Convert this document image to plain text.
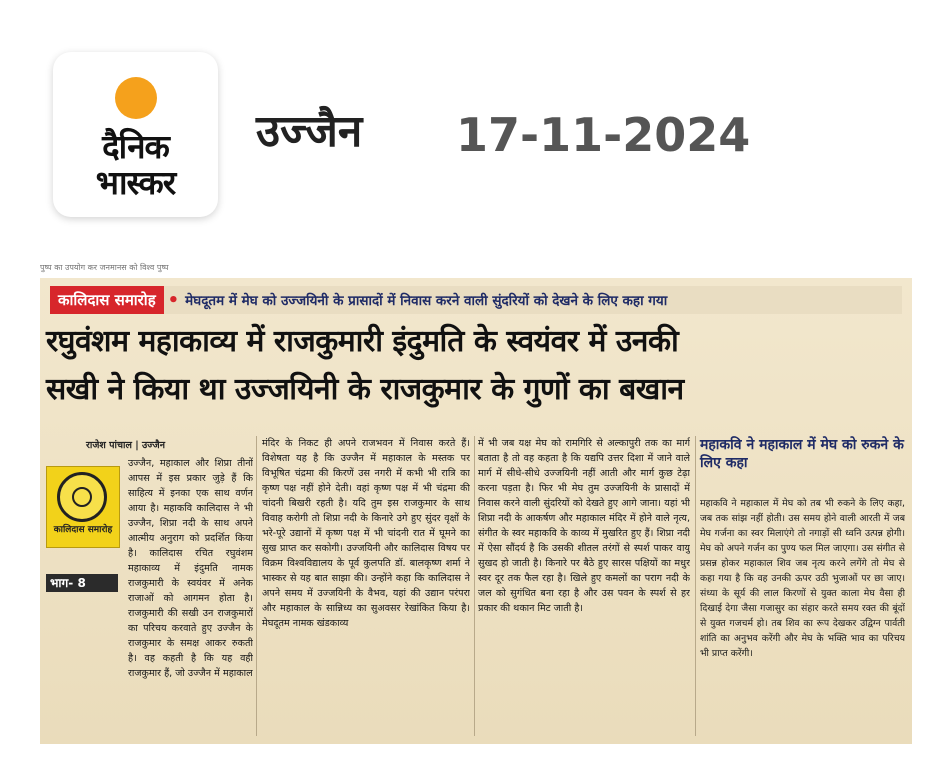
दैनिक
भास्कर
उज्जैन 17-11-2024
पुष्प का उपयोग कर जनमानस को विश्व पुष्प
कालिदास समारोह • मेघदूतम में मेघ को उज्जयिनी के प्रासादों में निवास करने वाली सुंदरियों को देखने के लिए कहा गया
रघुवंशम महाकाव्य में राजकुमारी इंदुमति के स्वयंवर में उनकी
सखी ने किया था उज्जयिनी के राजकुमार के गुणों का बखान
राजेश पांचाल | उज्जैन
कालिदास समारोह
भाग- 8

उज्जैन, महाकाल और शिप्रा तीनों आपस में इस प्रकार जुड़े हैं कि साहित्य में इनका एक साथ वर्णन आया है। महाकवि कालिदास ने भी उज्जैन, शिप्रा नदी के साथ अपने आत्मीय अनुराग को प्रदर्शित किया है। कालिदास रचित रघुवंशम महाकाव्य में इंदुमति नामक राजकुमारी के स्वयंवर में अनेक राजाओं को आगमन होता है। राजकुमारी की सखी उन राजकुमारों का परिचय करवाते हुए उज्जैन के राजकुमार के समक्ष आकर रुकती है। वह कहती है कि यह वही राजकुमार हैं, जो उज्जैन में महाकाल

मंदिर के निकट ही अपने राजभवन में निवास करते हैं। विशेषता यह है कि उज्जैन में महाकाल के मस्तक पर विभूषित चंद्रमा की किरणें उस नगरी में कभी भी रात्रि का कृष्ण पक्ष नहीं होने देती। वहां कृष्ण पक्ष में भी चंद्रमा की चांदनी बिखरी रहती है। यदि तुम इस राजकुमार के साथ विवाह करोगी तो शिप्रा नदी के किनारे उगे हुए सुंदर वृक्षों के भरे-पूरे उद्यानों में कृष्ण पक्ष में भी चांदनी रात में घूमने का सुख प्राप्त कर सकोगी। उज्जयिनी और कालिदास विषय पर विक्रम विश्वविद्यालय के पूर्व कुलपति डॉ. बालकृष्ण शर्मा ने भास्कर से यह बात साझा की। उन्होंने कहा कि कालिदास ने अपने समय में उज्जयिनी के वैभव, यहां की उद्यान परंपरा और महाकाल के सान्निध्य का सुअवसर रेखांकित किया है। मेघदूतम नामक खंडकाव्य

में भी जब यक्ष मेघ को रामगिरि से अल्कापुरी तक का मार्ग बताता है तो वह कहता है कि यद्यपि उत्तर दिशा में जाने वाले मार्ग में सीधे-सीधे उज्जयिनी नहीं आती और मार्ग कुछ टेढ़ा करना पड़ता है। फिर भी मेघ तुम उज्जयिनी के प्रासादों में निवास करने वाली सुंदरियों को देखते हुए आगे जाना। यहां भी शिप्रा नदी के आकर्षण और महाकाल मंदिर में होने वाले नृत्य, संगीत के स्वर महाकवि के काव्य में मुखरित हुए हैं। शिप्रा नदी में ऐसा सौंदर्य है कि उसकी शीतल तरंगों से स्पर्श पाकर वायु सुखद हो जाती है। किनारे पर बैठे हुए सारस पक्षियों का मधुर स्वर दूर तक फैल रहा है। खिले हुए कमलों का पराग नदी के जल को सुगंधित बना रहा है और उस पवन के स्पर्श से हर प्रकार की थकान मिट जाती है।

महाकवि ने महाकाल में मेघ को रुकने के लिए कहा

महाकवि ने महाकाल में मेघ को तब भी रुकने के लिए कहा, जब तक सांझ नहीं होती। उस समय होने वाली आरती में जब मेघ गर्जना का स्वर मिलाएंगे तो नगाड़ों सी ध्वनि उत्पन्न होगी। मेघ को अपने गर्जन का पुण्य फल मिल जाएगा। उस संगीत से प्रसन्न होकर महाकाल शिव जब नृत्य करने लगेंगे तो मेघ से कहा गया है कि वह उनकी ऊपर उठी भुजाओं पर छा जाए। संध्या के सूर्य की लाल किरणों से युक्त काला मेघ वैसा ही दिखाई देगा जैसा गजासुर का संहार करते समय रक्त की बूंदों से युक्त गजचर्म हो। तब शिव का रूप देखकर उद्विग्न पार्वती शांति का अनुभव करेंगी और मेघ के भक्ति भाव का परिचय भी प्राप्त करेंगी।
